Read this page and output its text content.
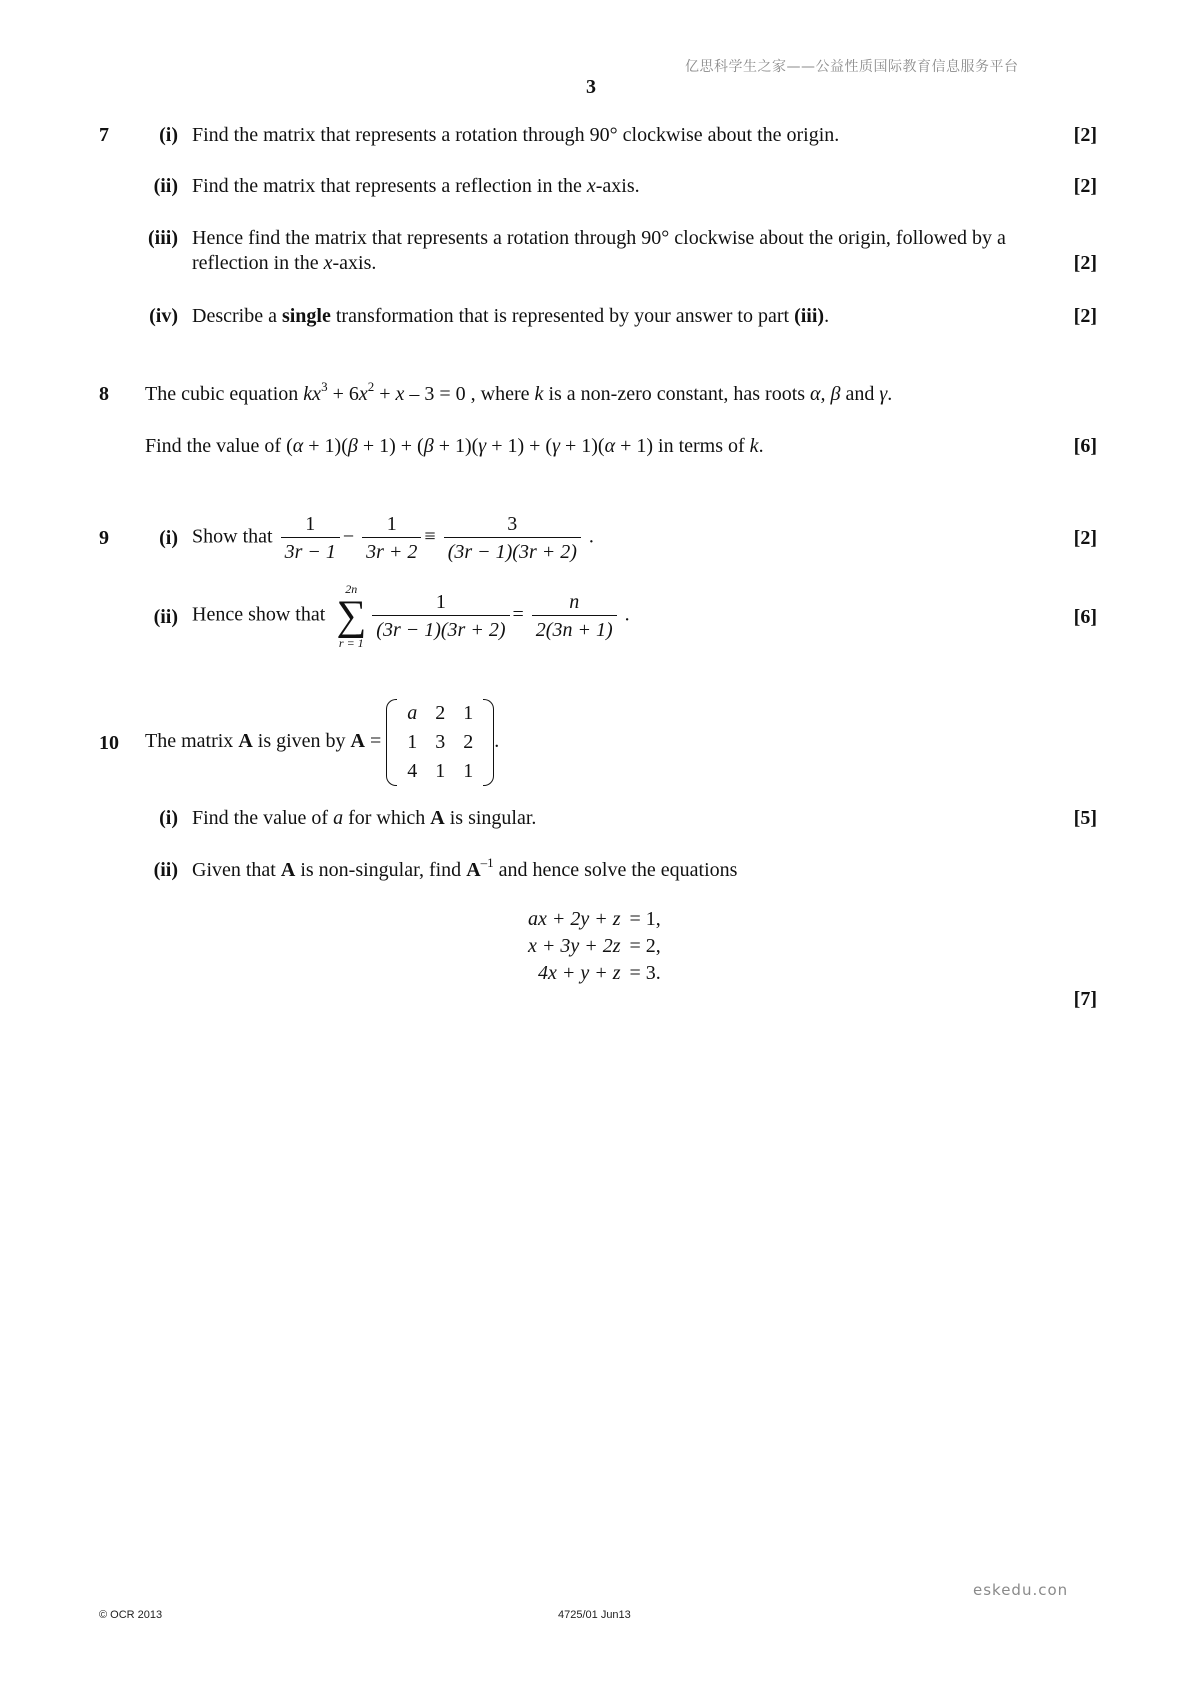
亿思科学生之家——公益性质国际教育信息服务平台
3
7	(i) Find the matrix that represents a rotation through 90° clockwise about the origin.	[2]
(ii) Find the matrix that represents a reflection in the x-axis.	[2]
(iii) Hence find the matrix that represents a rotation through 90° clockwise about the origin, followed by a
reflection in the x-axis.	[2]
(iv) Describe a single transformation that is represented by your answer to part (iii).	[2]
8 The cubic equation $kx^3 + 6x^2 + x - 3 = 0$ , where k is a non-zero constant, has roots α, β and γ.
Find the value of (α + 1)(β + 1) + (β + 1)(γ + 1) + (γ + 1)(α + 1) in terms of k.	[6]
9	(i) Show that $\frac{1}{3r - 1} - \frac{1}{3r + 2} \equiv \frac{3}{(3r - 1)(3r + 2)}$ .	[2]
(ii) Hence show that
2n
∑
r = 1
$\frac{1}{(3r - 1)(3r + 2)} = \frac{n}{2(3n + 1)}$ .	[6]
10 The matrix A is given by A =
a	2	1
1	3	2
4	1	1
.
(i) Find the value of a for which A is singular.	[5]
(ii) Given that A is non-singular, find $A^{-1}$ and hence solve the equations
ax + 2y + z		= 1,
x + 3y + 2z		= 2,
4x + y + z		= 3.
[7]
eskedu.con
© OCR 2013	4725/01 Jun13
